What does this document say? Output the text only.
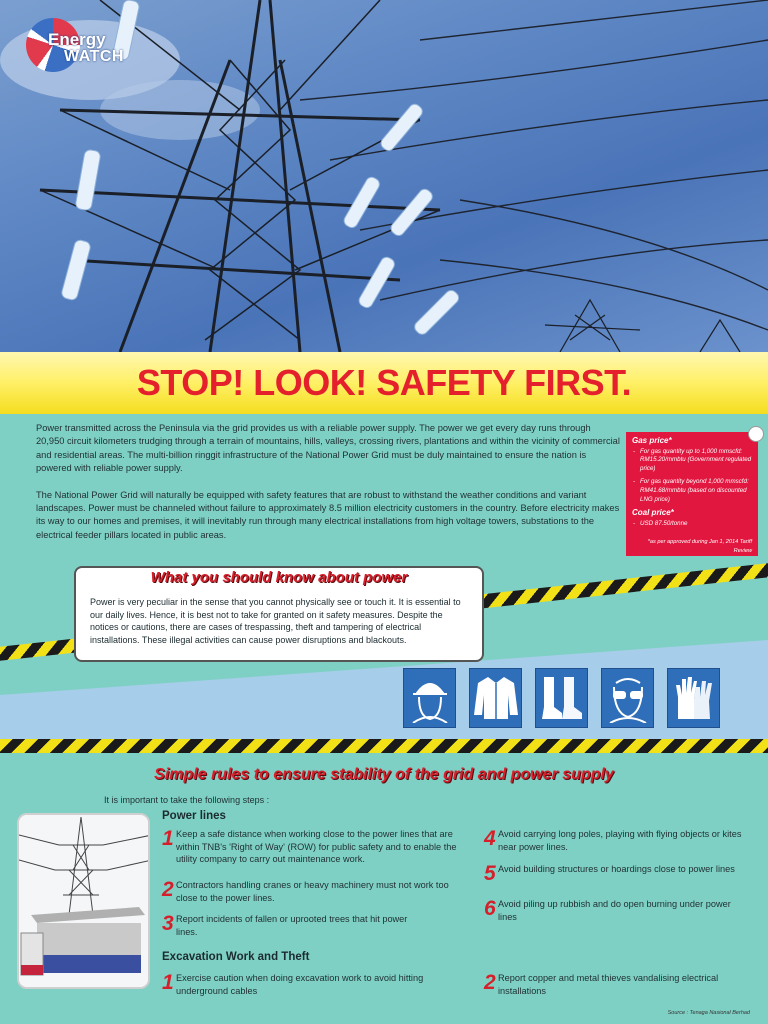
Energy
WATCH
STOP! LOOK! SAFETY FIRST.

Power transmitted across the Peninsula via the grid provides us with a reliable power supply. The power we get every day runs through 20,950 circuit kilometers trudging through a terrain of mountains, hills, valleys, crossing rivers, plantations and within the vicinity of commercial and residential areas. The multi-billion ringgit infrastructure of the National Power Grid must be duly maintained to ensure the nation is powered with reliable power supply.

The National Power Grid will naturally be equipped with safety features that are robust to withstand the weather conditions and variant landscapes. Power must be channeled without failure to approximately 8.5 million electricity customers in the country. Before electricity makes its way to our homes and premises, it will inevitably run through many electrical installations from high voltage towers, substations to the electrical feeder pillars located in public areas.

Gas price*
- For gas quantity up to 1,000 mmscfd: RM15.20/mmbtu (Government regulated price)
- For gas quantity beyond 1,000 mmscfd: RM41.68/mmbtu (based on discounted LNG price)
Coal price*
- USD 87.50/tonne
*as per approved during Jan 1, 2014 Tariff Review
What you should know about power
Power is very peculiar in the sense that you cannot physically see or touch it. It is essential to our daily lives. Hence, it is best not to take for granted on it safety measures. Despite the notices or cautions, there are cases of trespassing, theft and tampering of electrical installations. These illegal activities can cause power disruptions and blackouts.
Simple rules to ensure stability of the grid and power supply
It is important to take the following steps :
Power lines
1 Keep a safe distance when working close to the power lines that are within TNB's 'Right of Way' (ROW) for public safety and to enable the utility company to carry out maintenance work.
2 Contractors handling cranes or heavy machinery must not work too close to the power lines.
3 Report incidents of fallen or uprooted trees that hit power lines.
4 Avoid carrying long poles, playing with flying objects or kites near power lines.
5 Avoid building structures or hoardings close to power lines
6 Avoid piling up rubbish and do open burning under power lines
Excavation Work and Theft
1 Exercise caution when doing excavation work to avoid hitting underground cables	2 Report copper and metal thieves vandalising electrical installations
Source : Tenaga Nasional Berhad
